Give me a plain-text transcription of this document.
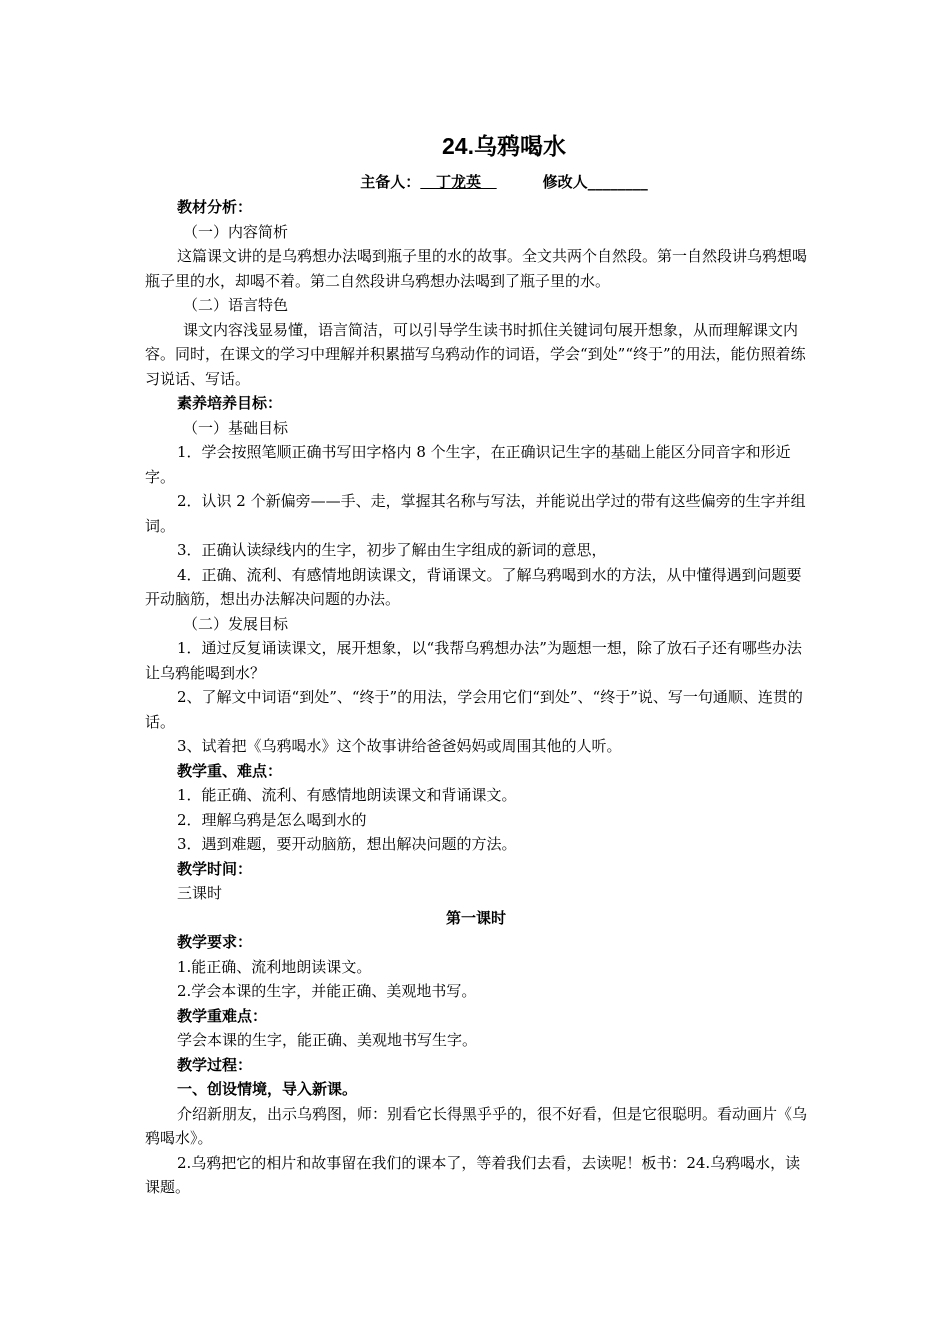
24.乌鸦喝水
主备人： 丁龙英	修改人________

教材分析：

（一）内容简析

这篇课文讲的是乌鸦想办法喝到瓶子里的水的故事。全文共两个自然段。第一自然段讲乌鸦想喝瓶子里的水，却喝不着。第二自然段讲乌鸦想办法喝到了瓶子里的水。

（二）语言特色

课文内容浅显易懂，语言简洁，可以引导学生读书时抓住关键词句展开想象，从而理解课文内容。同时，在课文的学习中理解并积累描写乌鸦动作的词语，学会“到处”“终于”的用法，能仿照着练习说话、写话。

素养培养目标：

（一）基础目标

1．学会按照笔顺正确书写田字格内 8 个生字，在正确识记生字的基础上能区分同音字和形近字。

2．认识 2 个新偏旁——手、走，掌握其名称与写法，并能说出学过的带有这些偏旁的生字并组词。

3．正确认读绿线内的生字，初步了解由生字组成的新词的意思，

4．正确、流利、有感情地朗读课文，背诵课文。了解乌鸦喝到水的方法，从中懂得遇到问题要开动脑筋，想出办法解决问题的办法。

（二）发展目标

1．通过反复诵读课文，展开想象，以“我帮乌鸦想办法”为题想一想，除了放石子还有哪些办法让乌鸦能喝到水？

2、了解文中词语“到处”、“终于”的用法，学会用它们“到处”、“终于”说、写一句通顺、连贯的话。

3、试着把《乌鸦喝水》这个故事讲给爸爸妈妈或周围其他的人听。

教学重、难点：

1．能正确、流利、有感情地朗读课文和背诵课文。

2．理解乌鸦是怎么喝到水的

3．遇到难题，要开动脑筋，想出解决问题的方法。

教学时间：

三课时

第一课时

教学要求：

1.能正确、流利地朗读课文。

2.学会本课的生字，并能正确、美观地书写。

教学重难点：

学会本课的生字，能正确、美观地书写生字。

教学过程：

一、创设情境，导入新课。

介绍新朋友，出示乌鸦图，师：别看它长得黑乎乎的，很不好看，但是它很聪明。看动画片《乌鸦喝水》。

2.乌鸦把它的相片和故事留在我们的课本了，等着我们去看，去读呢！板书：24.乌鸦喝水，读课题。
